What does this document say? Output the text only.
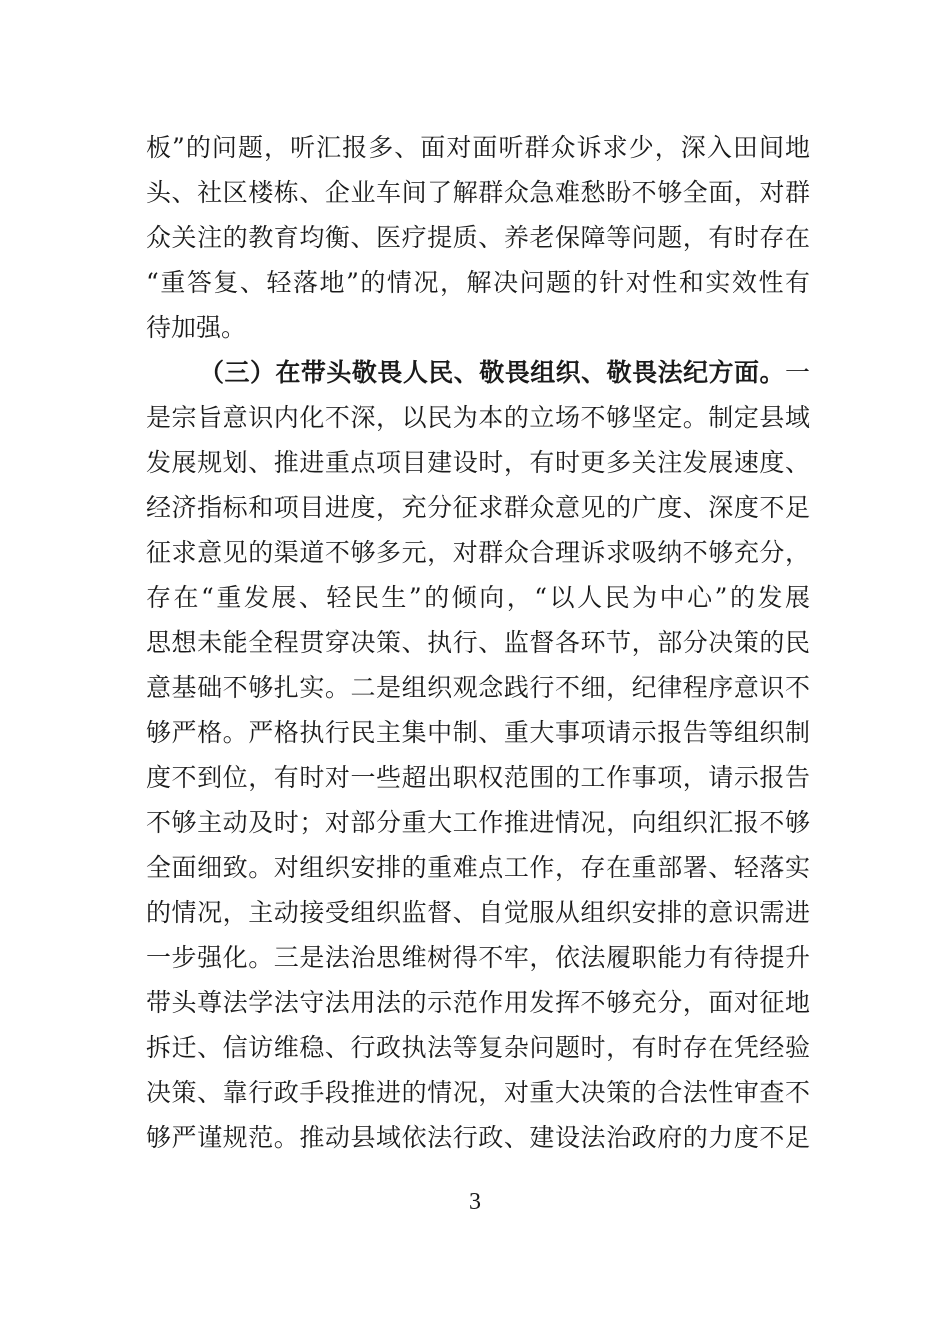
板”的问题，听汇报多、面对面听群众诉求少，深入田间地
头、社区楼栋、企业车间了解群众急难愁盼不够全面，对群
众关注的教育均衡、医疗提质、养老保障等问题，有时存在
“重答复、轻落地”的情况，解决问题的针对性和实效性有
待加强。
（三）在带头敬畏人民、敬畏组织、敬畏法纪方面。一
是宗旨意识内化不深，以民为本的立场不够坚定。制定县域
发展规划、推进重点项目建设时，有时更多关注发展速度、
经济指标和项目进度，充分征求群众意见的广度、深度不足
征求意见的渠道不够多元，对群众合理诉求吸纳不够充分，
存在“重发展、轻民生”的倾向，“以人民为中心”的发展
思想未能全程贯穿决策、执行、监督各环节，部分决策的民
意基础不够扎实。二是组织观念践行不细，纪律程序意识不
够严格。严格执行民主集中制、重大事项请示报告等组织制
度不到位，有时对一些超出职权范围的工作事项，请示报告
不够主动及时；对部分重大工作推进情况，向组织汇报不够
全面细致。对组织安排的重难点工作，存在重部署、轻落实
的情况，主动接受组织监督、自觉服从组织安排的意识需进
一步强化。三是法治思维树得不牢，依法履职能力有待提升
带头尊法学法守法用法的示范作用发挥不够充分，面对征地
拆迁、信访维稳、行政执法等复杂问题时，有时存在凭经验
决策、靠行政手段推进的情况，对重大决策的合法性审查不
够严谨规范。推动县域依法行政、建设法治政府的力度不足
3
